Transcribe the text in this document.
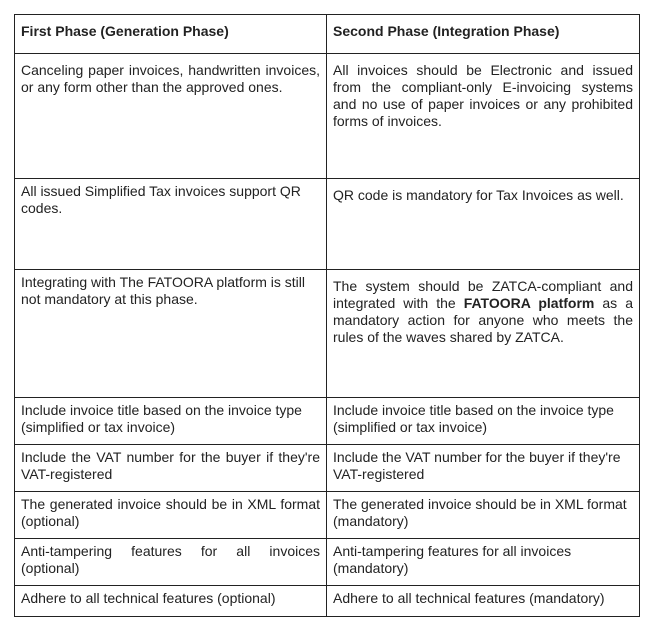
First Phase (Generation Phase)	Second Phase (Integration Phase)
Canceling paper invoices, handwritten invoices, or any form other than the approved ones.	All invoices should be Electronic and issued from the compliant-only E-invoicing systems and no use of paper invoices or any prohibited forms of invoices.
All issued Simplified Tax invoices support QR codes.	QR code is mandatory for Tax Invoices as well.
Integrating with The FATOORA platform is still not mandatory at this phase.	The system should be ZATCA-compliant and integrated with the FATOORA platform as a mandatory action for anyone who meets the rules of the waves shared by ZATCA.
Include invoice title based on the invoice type (simplified or tax invoice)	Include invoice title based on the invoice type (simplified or tax invoice)
Include the VAT number for the buyer if they're VAT-registered	Include the VAT number for the buyer if they're VAT-registered
The generated invoice should be in XML format (optional)	The generated invoice should be in XML format (mandatory)
Anti-tampering features for all invoices (optional)	Anti-tampering features for all invoices (mandatory)
Adhere to all technical features (optional)	Adhere to all technical features (mandatory)
